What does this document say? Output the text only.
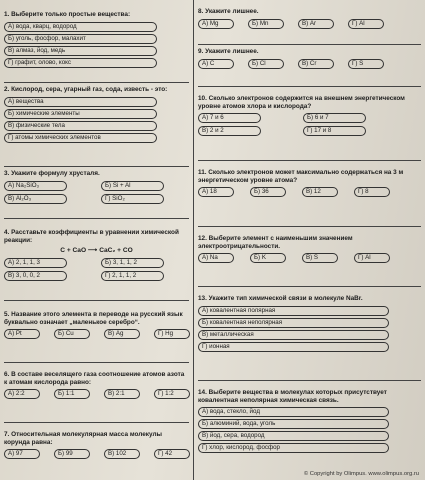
1. Выберите только простые вещества:
А) вода, кварц, водород
Б) уголь, фосфор, малахит
В) алмаз, йод, медь
Г) графит, олово, кокс
2. Кислород, сера, угарный газ, сода, известь - это:
А) вещества
Б) химические элементы
В) физические тела
Г) атомы химических элементов
3. Укажите формулу хрусталя.
А) Na₂SiO₃	Б) Si + Al
В) Al₂O₃	Г) SiO₂
4. Расставьте коэффициенты в уравнении химической реакции:
C + CaO ⟶ CaC₂ + CO
А) 2, 1, 1, 3	Б) 3, 1, 1, 2
В) 3, 0, 0, 2	Г) 2, 1, 1, 2
5. Название этого элемента в переводе на русский язык буквально означает „маленькое серебро“.
А) Pt	Б) Cu	В) Ag	Г) Hg
6. В составе веселящего газа соотношение атомов азота к атомам кислорода равно:
А) 2:2	Б) 1:1	В) 2:1	Г) 1:2
7. Относительная молекулярная масса молекулы корунда равна:
А) 97	Б) 99	В) 102	Г) 42
8. Укажите лишнее.
А) Mg	Б) Mn	В) Ar	Г) Al
9. Укажите лишнее.
А) C	Б) Cl	В) Cr	Г) S
10. Сколько электронов содержится на внешнем энергетическом уровне атомов хлора и кислорода?
А) 7 и 6	Б) 6 и 7
В) 2 и 2	Г) 17 и 8
11. Сколько электронов может максимально содержаться на 3 м энергетическом уровне атома?
А) 18	Б) 36	В) 12	Г) 8
12. Выберите элемент с наименьшим значением электроотрицательности.
А) Na	Б) K	В) S	Г) Al
13. Укажите тип химической связи в молекуле NaBr.
А) ковалентная полярная
Б) ковалентная неполярная
В) металлическая
Г) ионная
14. Выберите вещества в молекулах которых присутствует ковалентная неполярная химическая связь.
А) вода, стекло, йод
Б) алюминий, вода, уголь
В) йод, сера, водород
Г) хлор, кислород, фосфор
© Copyright by Olimpus. www.olimpus.org.ru
